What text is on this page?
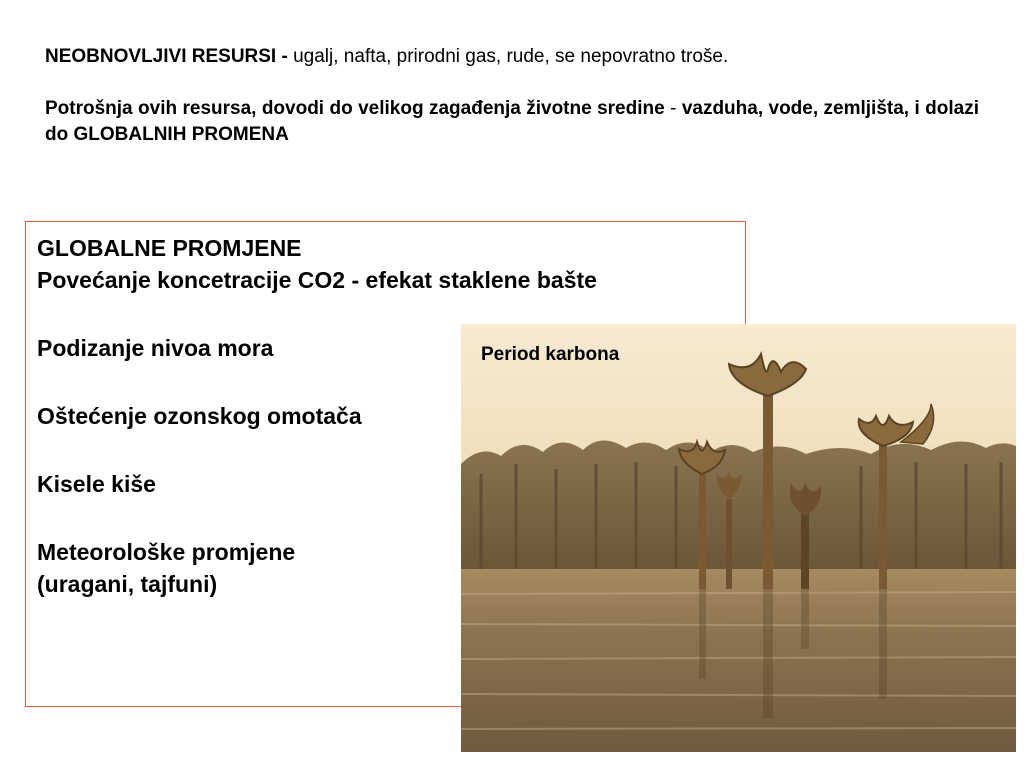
NEOBNOVLJIVI RESURSI - ugalj, nafta, prirodni gas, rude, se nepovratno troše.

Potrošnja ovih resursa, dovodi do velikog zagađenja životne sredine - vazduha, vode, zemljišta, i dolazi do GLOBALNIH PROMENA

GLOBALNE PROMJENE
Povećanje koncetracije CO2 - efekat staklene bašte
Podizanje nivoa mora
Oštećenje ozonskog omotača
Kisele kiše
Meteorološke promjene
(uragani, tajfuni)
Period karbona
